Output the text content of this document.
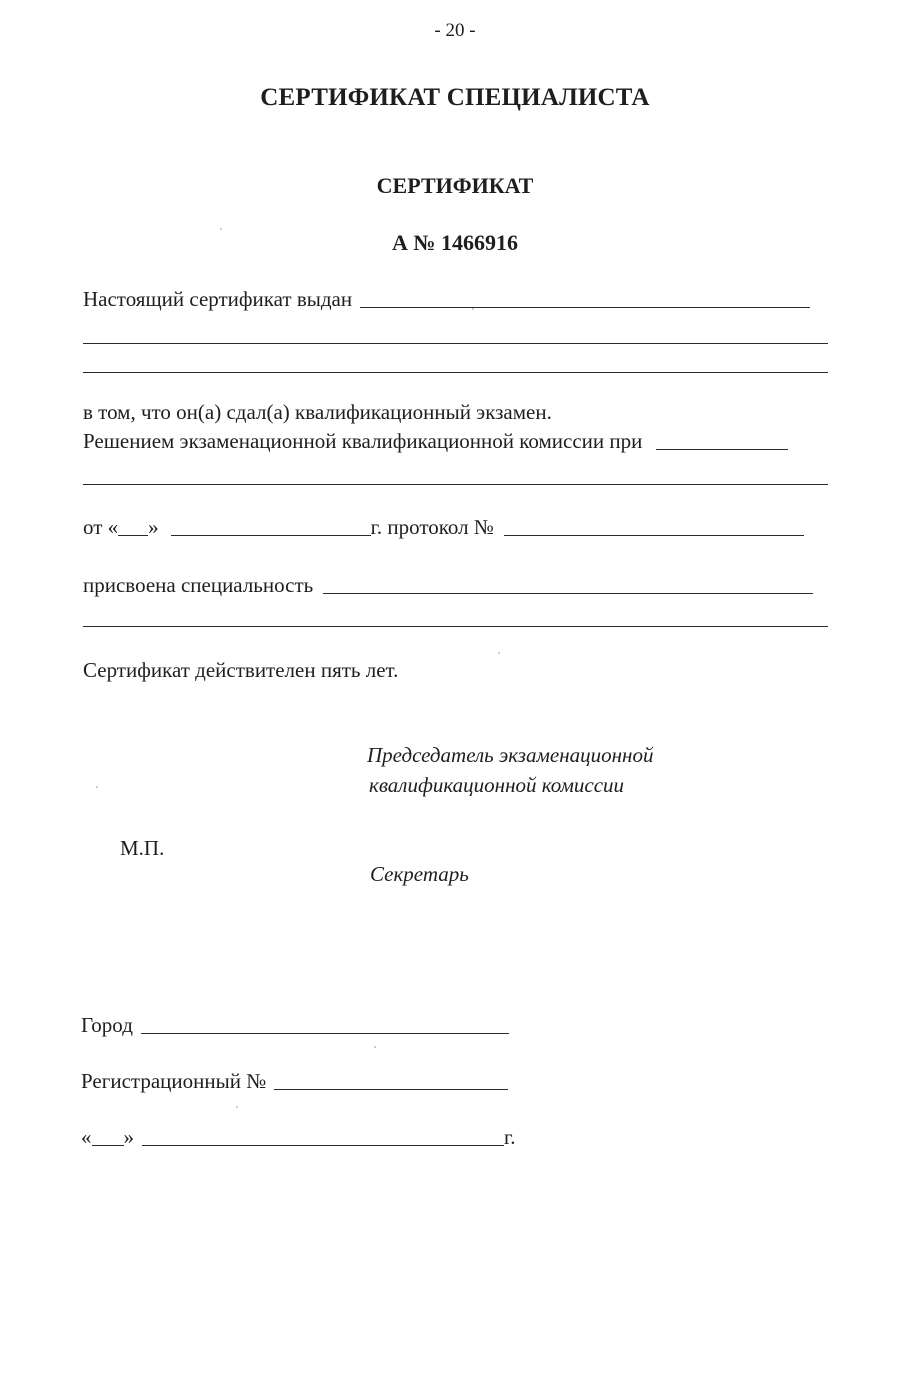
- 20 -
СЕРТИФИКАТ СПЕЦИАЛИСТА
СЕРТИФИКАТ
А № 1466916
Настоящий сертификат выдан
в том, что он(а) сдал(а) квалификационный экзамен.
Решением экзаменационной квалификационной комиссии при
от « »	г. протокол №
присвоена специальность
Сертификат действителен пять лет.
Председатель экзаменационной
квалификационной комиссии
М.П.
Секретарь
Город
Регистрационный №
« »	г.
